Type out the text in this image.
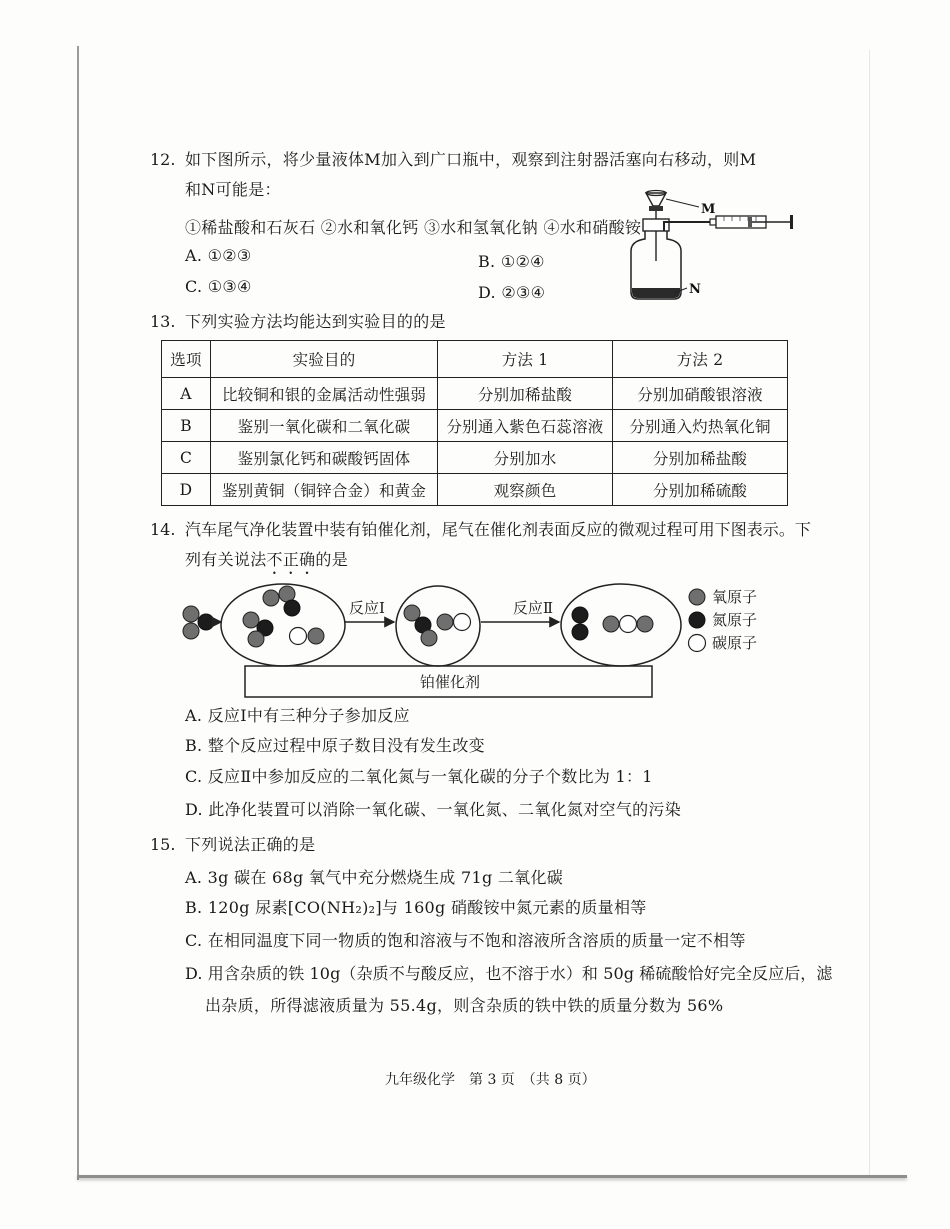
12. 如下图所示，将少量液体M加入到广口瓶中，观察到注射器活塞向右移动，则M
和N可能是：
①稀盐酸和石灰石 ②水和氧化钙 ③水和氢氧化钠 ④水和硝酸铵
A. ①②③	B. ①②④
C. ①③④	D. ②③④
M
N
13. 下列实验方法均能达到实验目的的是
选项	实验目的	方法 1	方法 2
A	比较铜和银的金属活动性强弱	分别加稀盐酸	分别加硝酸银溶液
B	鉴别一氧化碳和二氧化碳	分别通入紫色石蕊溶液	分别通入灼热氧化铜
C	鉴别氯化钙和碳酸钙固体	分别加水	分别加稀盐酸
D	鉴别黄铜（铜锌合金）和黄金	观察颜色	分别加稀硫酸
14. 汽车尾气净化装置中装有铂催化剂，尾气在催化剂表面反应的微观过程可用下图表示。下
列有关说法不正确的是
反应Ⅰ	反应Ⅱ
氧原子
氮原子
碳原子
铂催化剂
A. 反应Ⅰ中有三种分子参加反应
B. 整个反应过程中原子数目没有发生改变
C. 反应Ⅱ中参加反应的二氧化氮与一氧化碳的分子个数比为 1：1
D. 此净化装置可以消除一氧化碳、一氧化氮、二氧化氮对空气的污染
15. 下列说法正确的是
A. 3g 碳在 68g 氧气中充分燃烧生成 71g 二氧化碳
B. 120g 尿素[CO(NH₂)₂]与 160g 硝酸铵中氮元素的质量相等
C. 在相同温度下同一物质的饱和溶液与不饱和溶液所含溶质的质量一定不相等
D. 用含杂质的铁 10g（杂质不与酸反应，也不溶于水）和 50g 稀硫酸恰好完全反应后，滤
出杂质，所得滤液质量为 55.4g，则含杂质的铁中铁的质量分数为 56%
九年级化学　第 3 页　（共 8 页）
